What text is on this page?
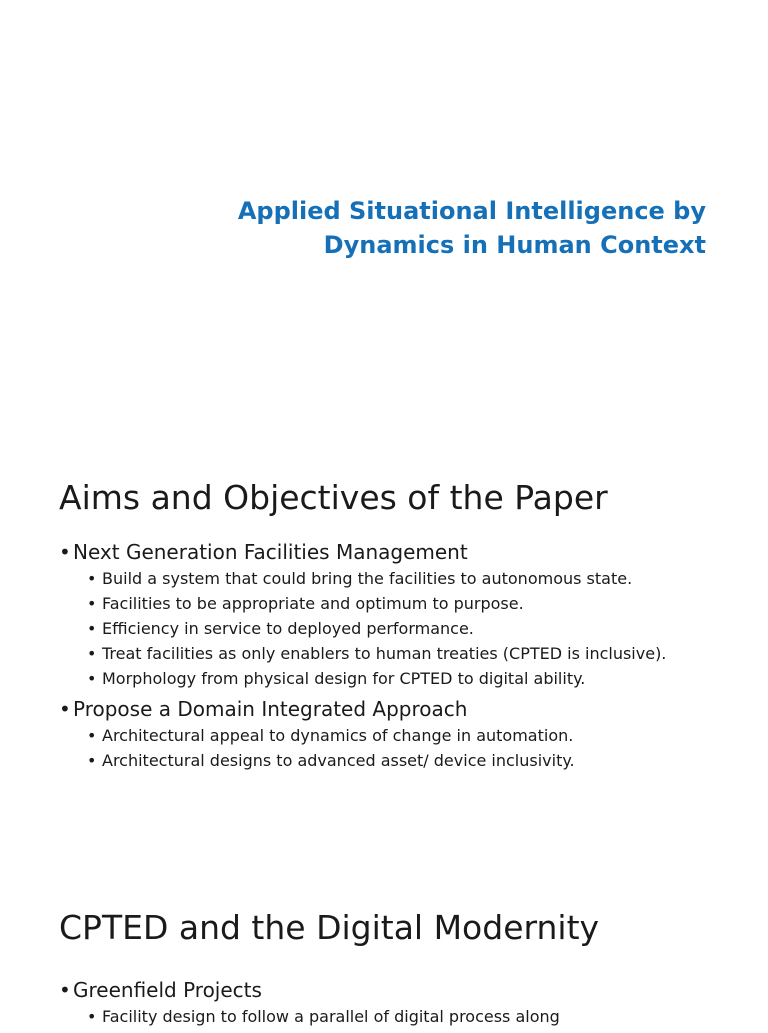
Applied Situational Intelligence by
Dynamics in Human Context
Aims and Objectives of the Paper
• Next Generation Facilities Management
• Build a system that could bring the facilities to autonomous state.
• Facilities to be appropriate and optimum to purpose.
• Efficiency in service to deployed performance.
• Treat facilities as only enablers to human treaties (CPTED is inclusive).
• Morphology from physical design for CPTED to digital ability.
• Propose a Domain Integrated Approach
• Architectural appeal to dynamics of change in automation.
• Architectural designs to advanced asset/ device inclusivity.
CPTED and the Digital Modernity
• Greenfield Projects
• Facility design to follow a parallel of digital process along
